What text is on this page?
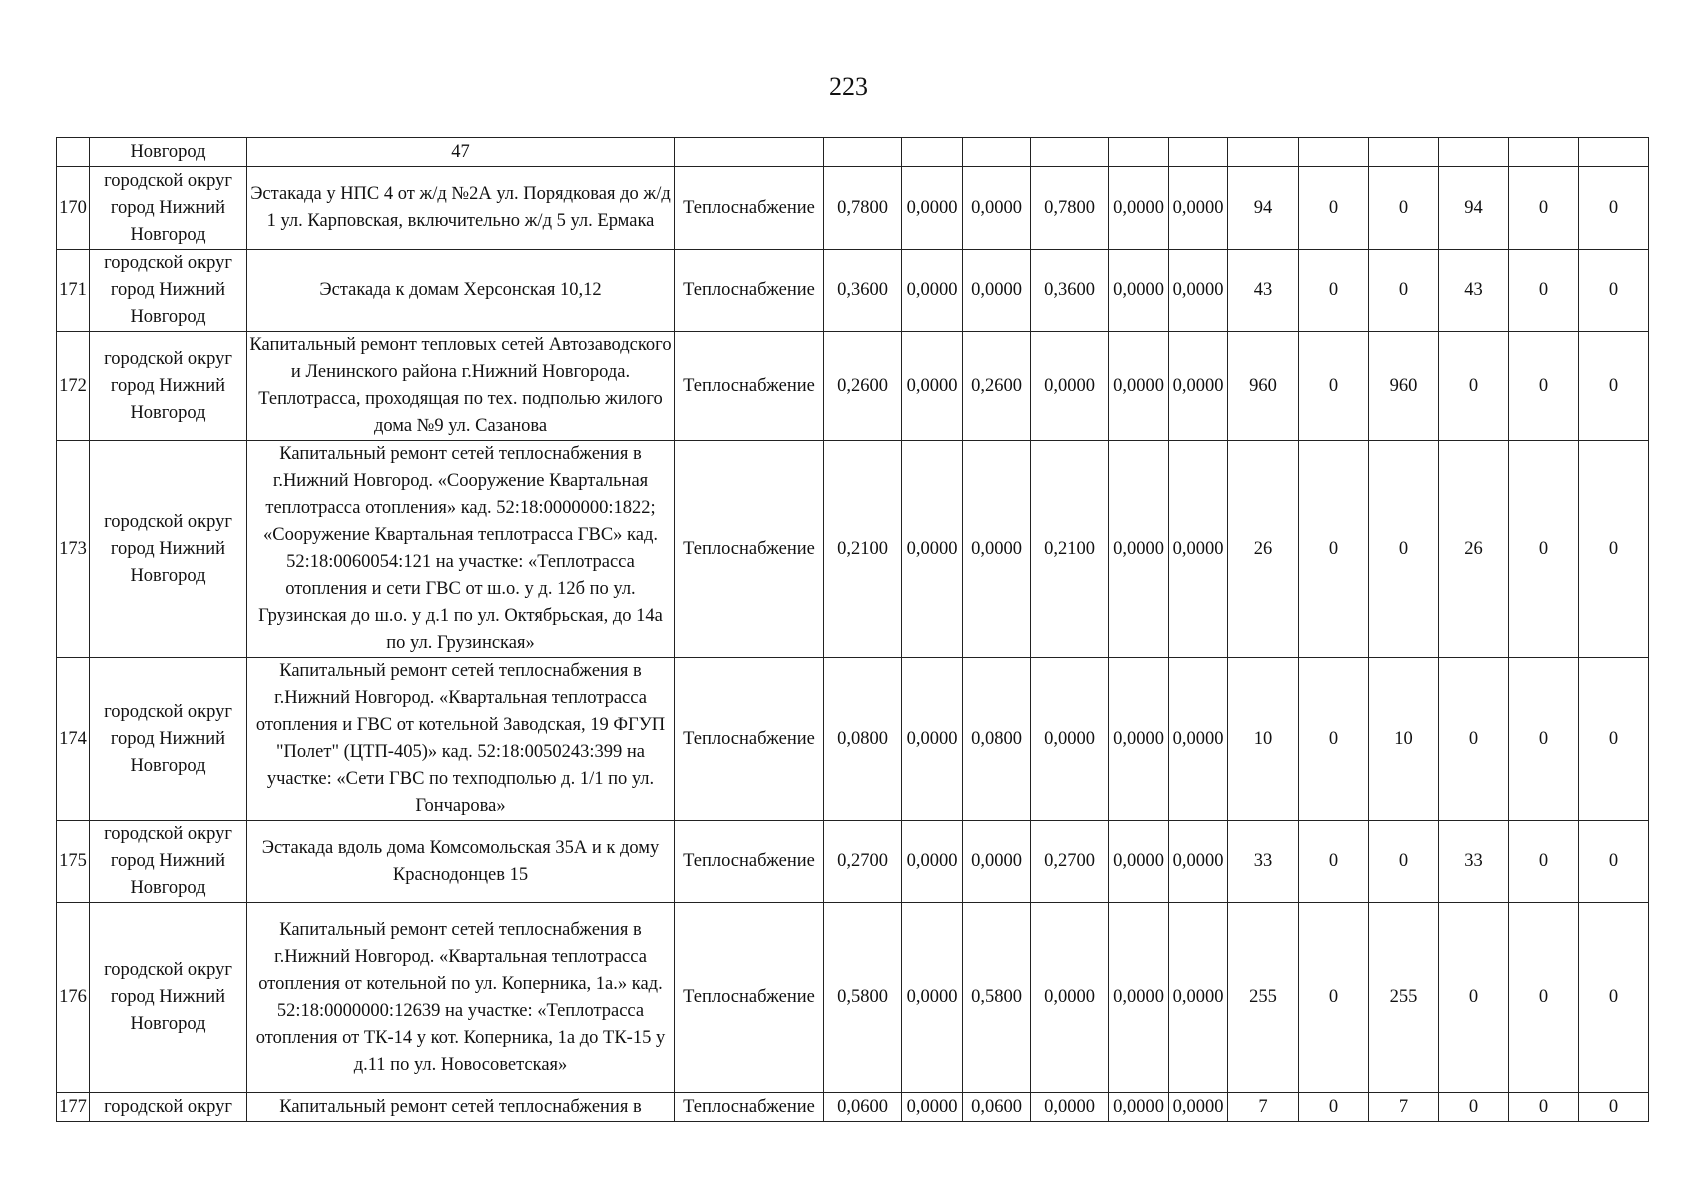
223
	Новгород	47													
170	городской округ город Нижний Новгород	Эстакада у НПС 4 от ж/д №2А ул. Порядковая до ж/д 1 ул. Карповская, включительно ж/д 5 ул. Ермака	Теплоснабжение	0,7800	0,0000	0,0000	0,7800	0,0000	0,0000	94	0	0	94	0	0
171	городской округ город Нижний Новгород	Эстакада к домам Херсонская 10,12	Теплоснабжение	0,3600	0,0000	0,0000	0,3600	0,0000	0,0000	43	0	0	43	0	0
172	городской округ город Нижний Новгород	Капитальный ремонт тепловых сетей Автозаводского и Ленинского района г.Нижний Новгорода. Теплотрасса, проходящая по тех. подполью жилого дома №9 ул. Сазанова	Теплоснабжение	0,2600	0,0000	0,2600	0,0000	0,0000	0,0000	960	0	960	0	0	0
173	городской округ город Нижний Новгород	Капитальный ремонт сетей теплоснабжения в г.Нижний Новгород. «Сооружение Квартальная теплотрасса отопления» кад. 52:18:0000000:1822; «Сооружение Квартальная теплотрасса ГВС» кад. 52:18:0060054:121 на участке: «Теплотрасса отопления и сети ГВС от ш.о. у д. 12б по ул. Грузинская до ш.о. у д.1 по ул. Октябрьская, до 14а по ул. Грузинская»	Теплоснабжение	0,2100	0,0000	0,0000	0,2100	0,0000	0,0000	26	0	0	26	0	0
174	городской округ город Нижний Новгород	Капитальный ремонт сетей теплоснабжения в г.Нижний Новгород. «Квартальная теплотрасса отопления и ГВС от котельной Заводская, 19 ФГУП "Полет" (ЦТП-405)» кад. 52:18:0050243:399 на участке: «Сети ГВС по техподполью д. 1/1 по ул. Гончарова»	Теплоснабжение	0,0800	0,0000	0,0800	0,0000	0,0000	0,0000	10	0	10	0	0	0
175	городской округ город Нижний Новгород	Эстакада вдоль дома Комсомольская 35А и к дому Краснодонцев 15	Теплоснабжение	0,2700	0,0000	0,0000	0,2700	0,0000	0,0000	33	0	0	33	0	0
176	городской округ город Нижний Новгород	Капитальный ремонт сетей теплоснабжения в г.Нижний Новгород. «Квартальная теплотрасса отопления от котельной по ул. Коперника, 1а.» кад. 52:18:0000000:12639 на участке: «Теплотрасса отопления от ТК-14 у кот. Коперника, 1а до ТК-15 у д.11 по ул. Новосоветская»	Теплоснабжение	0,5800	0,0000	0,5800	0,0000	0,0000	0,0000	255	0	255	0	0	0
177	городской округ	Капитальный ремонт сетей теплоснабжения в	Теплоснабжение	0,0600	0,0000	0,0600	0,0000	0,0000	0,0000	7	0	7	0	0	0
